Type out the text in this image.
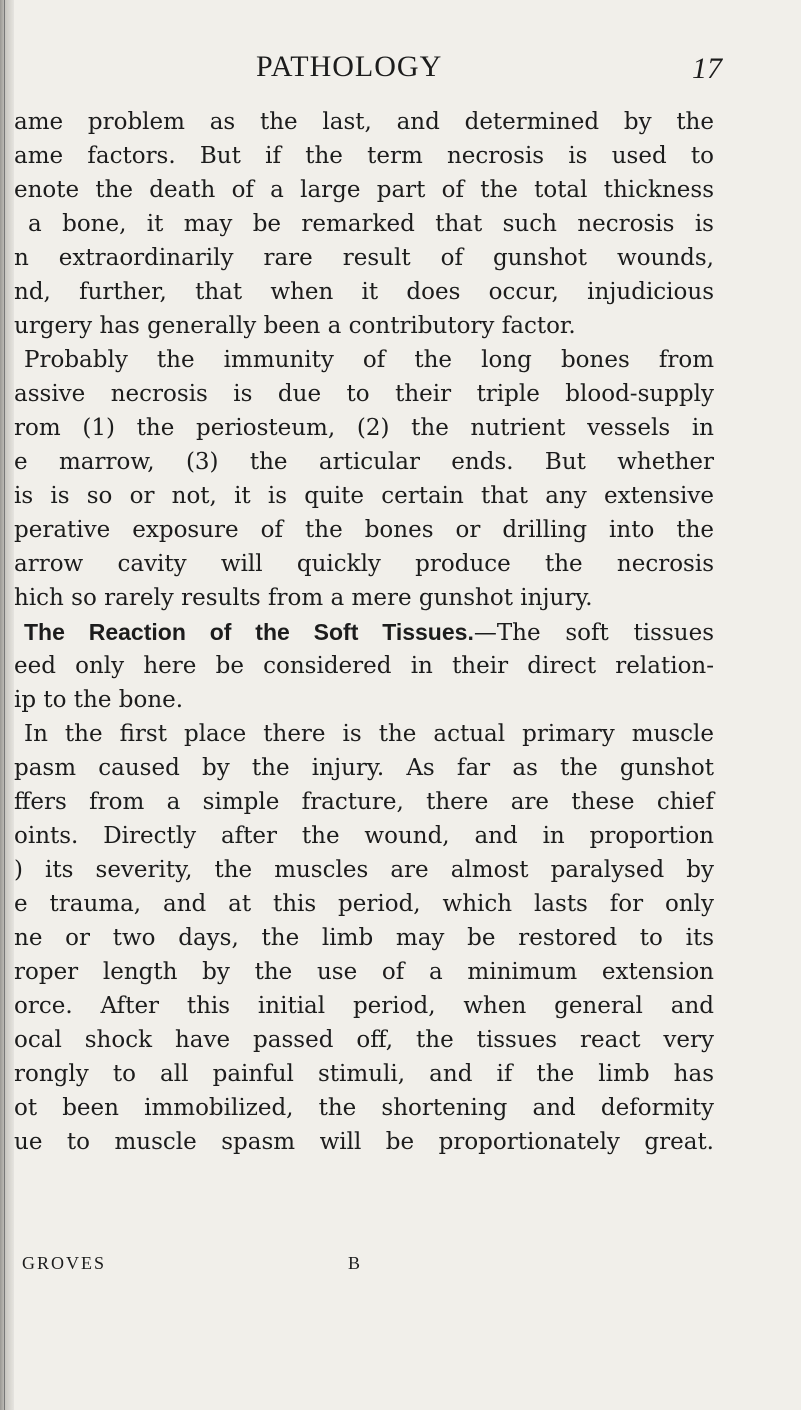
PATHOLOGY	17
ame problem as the last, and determined by the
ame factors. But if the term necrosis is used to
enote the death of a large part of the total thickness
a bone, it may be remarked that such necrosis is
n extraordinarily rare result of gunshot wounds,
nd, further, that when it does occur, injudicious
urgery has generally been a contributory factor.
Probably the immunity of the long bones from
assive necrosis is due to their triple blood-supply
rom (1) the periosteum, (2) the nutrient vessels in
e marrow, (3) the articular ends. But whether
is is so or not, it is quite certain that any extensive
perative exposure of the bones or drilling into the
arrow cavity will quickly produce the necrosis
hich so rarely results from a mere gunshot injury.
The Reaction of the Soft Tissues.—The soft tissues
eed only here be considered in their direct relation-
ip to the bone.
In the first place there is the actual primary muscle
pasm caused by the injury. As far as the gunshot
ffers from a simple fracture, there are these chief
oints. Directly after the wound, and in proportion
) its severity, the muscles are almost paralysed by
e trauma, and at this period, which lasts for only
ne or two days, the limb may be restored to its
roper length by the use of a minimum extension
orce. After this initial period, when general and
ocal shock have passed off, the tissues react very
rongly to all painful stimuli, and if the limb has
ot been immobilized, the shortening and deformity
ue to muscle spasm will be proportionately great.
GROVES	B
